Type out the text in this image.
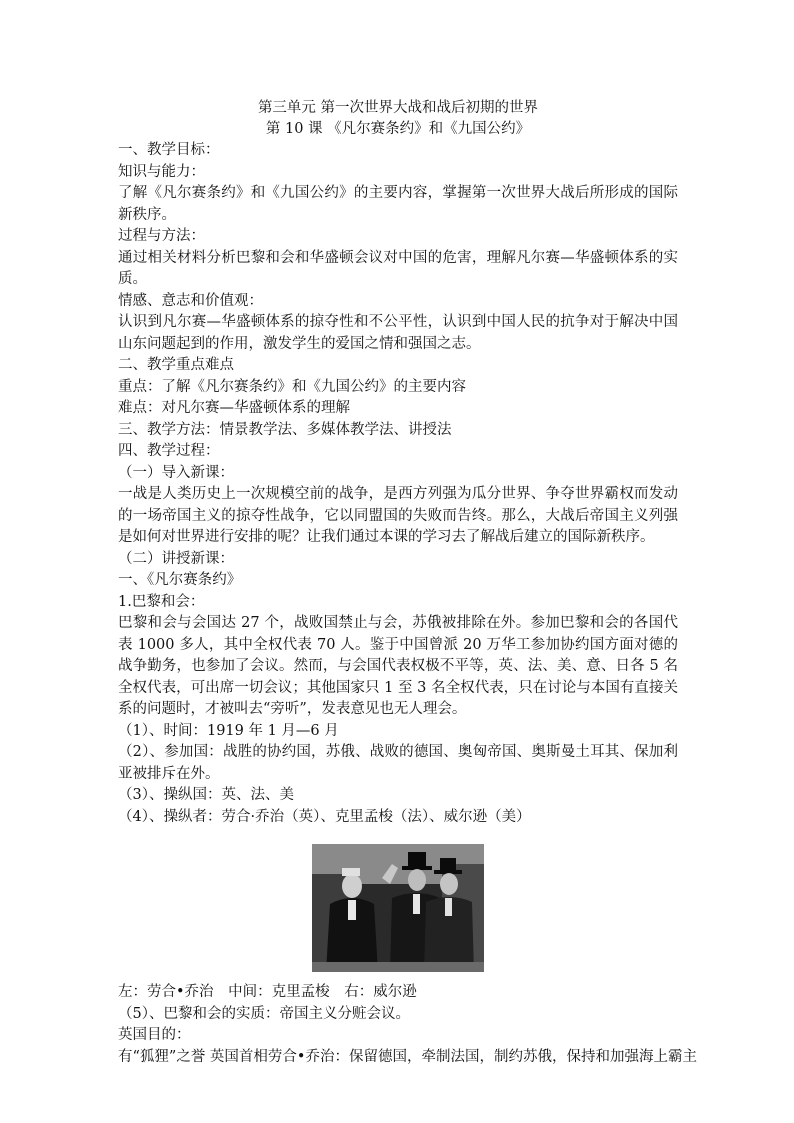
第三单元 第一次世界大战和战后初期的世界
第 10 课 《凡尔赛条约》和《九国公约》
一、教学目标：
知识与能力：

了解《凡尔赛条约》和《九国公约》的主要内容，掌握第一次世界大战后所形成的国际新秩序。

过程与方法：

通过相关材料分析巴黎和会和华盛顿会议对中国的危害，理解凡尔赛—华盛顿体系的实质。

情感、意志和价值观：

认识到凡尔赛—华盛顿体系的掠夺性和不公平性，认识到中国人民的抗争对于解决中国山东问题起到的作用，激发学生的爱国之情和强国之志。

二、教学重点难点
重点：了解《凡尔赛条约》和《九国公约》的主要内容
难点：对凡尔赛—华盛顿体系的理解
三、教学方法：情景教学法、多媒体教学法、讲授法
四、教学过程：
（一）导入新课：

一战是人类历史上一次规模空前的战争，是西方列强为瓜分世界、争夺世界霸权而发动的一场帝国主义的掠夺性战争，它以同盟国的失败而告终。那么，大战后帝国主义列强是如何对世界进行安排的呢？让我们通过本课的学习去了解战后建立的国际新秩序。

（二）讲授新课：
一、《凡尔赛条约》
1.巴黎和会：

巴黎和会与会国达 27 个，战败国禁止与会，苏俄被排除在外。参加巴黎和会的各国代表 1000 多人，其中全权代表 70 人。鉴于中国曾派 20 万华工参加协约国方面对德的战争勤务，也参加了会议。然而，与会国代表权极不平等，英、法、美、意、日各 5 名全权代表，可出席一切会议；其他国家只 1 至 3 名全权代表，只在讨论与本国有直接关系的问题时，才被叫去“旁听”，发表意见也无人理会。

（1）、时间：1919 年 1 月—6 月

（2）、参加国：战胜的协约国，苏俄、战败的德国、奥匈帝国、奥斯曼土耳其、保加利亚被排斥在外。

（3）、操纵国：英、法、美
（4）、操纵者：劳合·乔治（英）、克里孟梭（法）、威尔逊（美）
左：劳合•乔治 中间：克里孟梭 右：威尔逊
（5）、巴黎和会的实质：帝国主义分赃会议。
英国目的：
有“狐狸”之誉 英国首相劳合•乔治：保留德国，牵制法国，制约苏俄，保持和加强海上霸主
